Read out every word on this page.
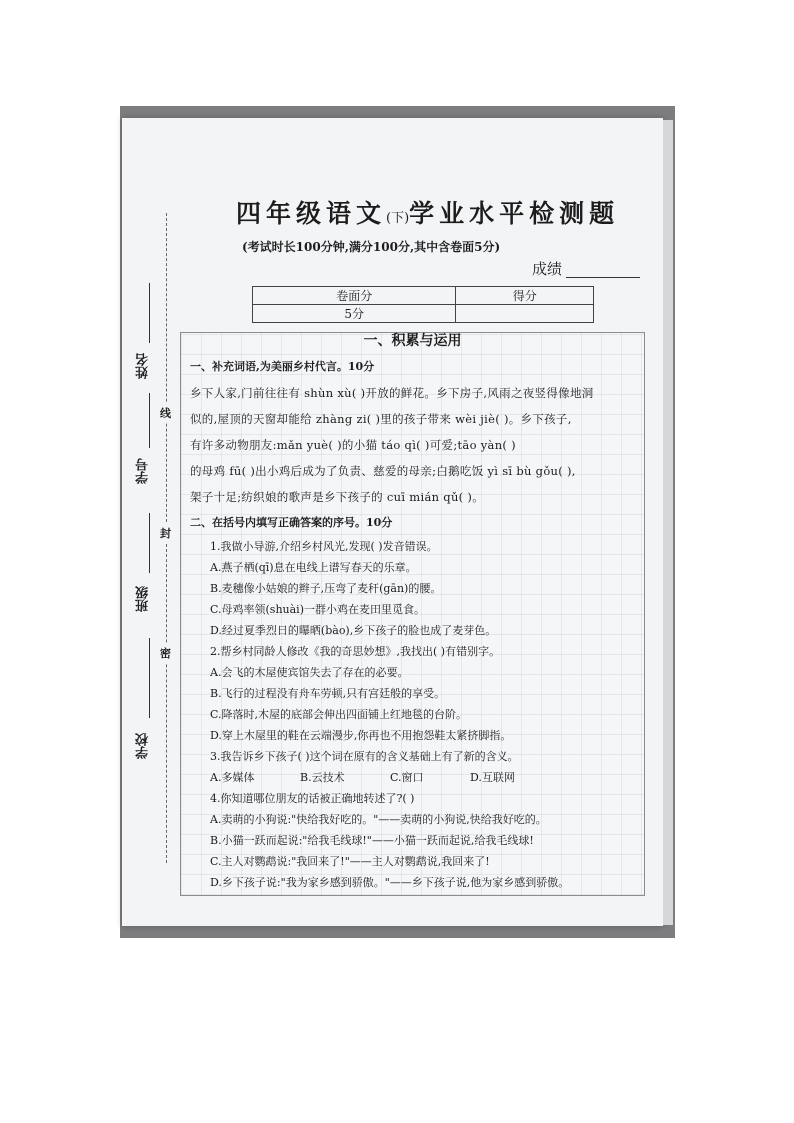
四年级语文(下)学业水平检测题
(考试时长100分钟,满分100分,其中含卷面5分)
成绩
卷面分	得分
5分	
线
封
密
姓名
学号
班级
学校
一、积累与运用
一、补充词语,为美丽乡村代言。10分
乡下人家,门前往往有 shùn xù( )开放的鲜花。乡下房子,风雨之夜竖得像地洞
似的,屋顶的天窗却能给 zhàng zi( )里的孩子带来 wèi jiè( )。乡下孩子,
有许多动物朋友:mǎn yuè( )的小猫 táo qì( )可爱;tāo yàn( )
的母鸡 fū( )出小鸡后成为了负责、慈爱的母亲;白鹅吃饭 yì sī bù gǒu( ),
架子十足;纺织娘的歌声是乡下孩子的 cuī mián qǔ( )。
二、在括号内填写正确答案的序号。10分
1.我做小导游,介绍乡村风光,发现( )发音错误。
A.燕子栖(qī)息在电线上谱写春天的乐章。
B.麦穗像小姑娘的辫子,压弯了麦秆(gān)的腰。
C.母鸡率领(shuài)一群小鸡在麦田里觅食。
D.经过夏季烈日的曝晒(bào),乡下孩子的脸也成了麦芽色。
2.帮乡村同龄人修改《我的奇思妙想》,我找出( )有错别字。
A.会飞的木屋使宾馆失去了存在的必要。
B.飞行的过程没有舟车劳顿,只有宫廷般的享受。
C.降落时,木屋的底部会伸出四面铺上红地毯的台阶。
D.穿上木屋里的鞋在云端漫步,你再也不用抱怨鞋太紧挤脚指。
3.我告诉乡下孩子( )这个词在原有的含义基础上有了新的含义。
A.多媒体	B.云技术	C.窗口	D.互联网
4.你知道哪位朋友的话被正确地转述了?( )
A.卖萌的小狗说:"快给我好吃的。"——卖萌的小狗说,快给我好吃的。
B.小猫一跃而起说:"给我毛线球!"——小猫一跃而起说,给我毛线球!
C.主人对鹦鹉说:"我回来了!"——主人对鹦鹉说,我回来了!
D.乡下孩子说:"我为家乡感到骄傲。"——乡下孩子说,他为家乡感到骄傲。
